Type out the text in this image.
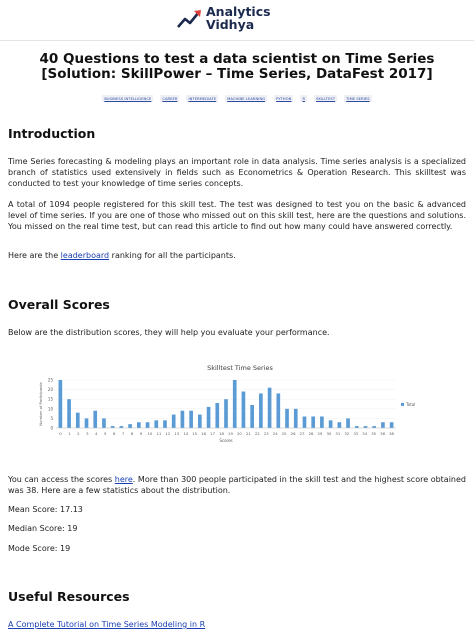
Analytics
Vidhya
40 Questions to test a data scientist on Time Series [Solution: SkillPower – Time Series, DataFest 2017]
BUSINESS INTELLIGENCE	CAREER	INTERMEDIATE	MACHINE LEARNING	PYTHON	R	SKILLTEST	TIME SERIES
Introduction

Time Series forecasting & modeling plays an important role in data analysis. Time series analysis is a specialized branch of statistics used extensively in fields such as Econometrics & Operation Research. This skilltest was conducted to test your knowledge of time series concepts.

A total of 1094 people registered for this skill test. The test was designed to test you on the basic & advanced level of time series. If you are one of those who missed out on this skill test, here are the questions and solutions. You missed on the real time test, but can read this article to find out how many could have answered correctly.

Here are the leaderboard ranking for all the participants.

Overall Scores

Below are the distribution scores, they will help you evaluate your performance.

Skilltest Time Series
0
5
10
15
20
25
Number of Participants
0 1 2 3 4 5 6 7 8 9 10 11 12 13 14 15 16 17 18 19 20 21 22 23 24 25 26 27 28 29 30 31 32 33 34 35 36 38
Scores
Total

You can access the scores here. More than 300 people participated in the skill test and the highest score obtained was 38. Here are a few statistics about the distribution.

Mean Score: 17.13

Median Score: 19

Mode Score: 19

Useful Resources

A Complete Tutorial on Time Series Modeling in R
